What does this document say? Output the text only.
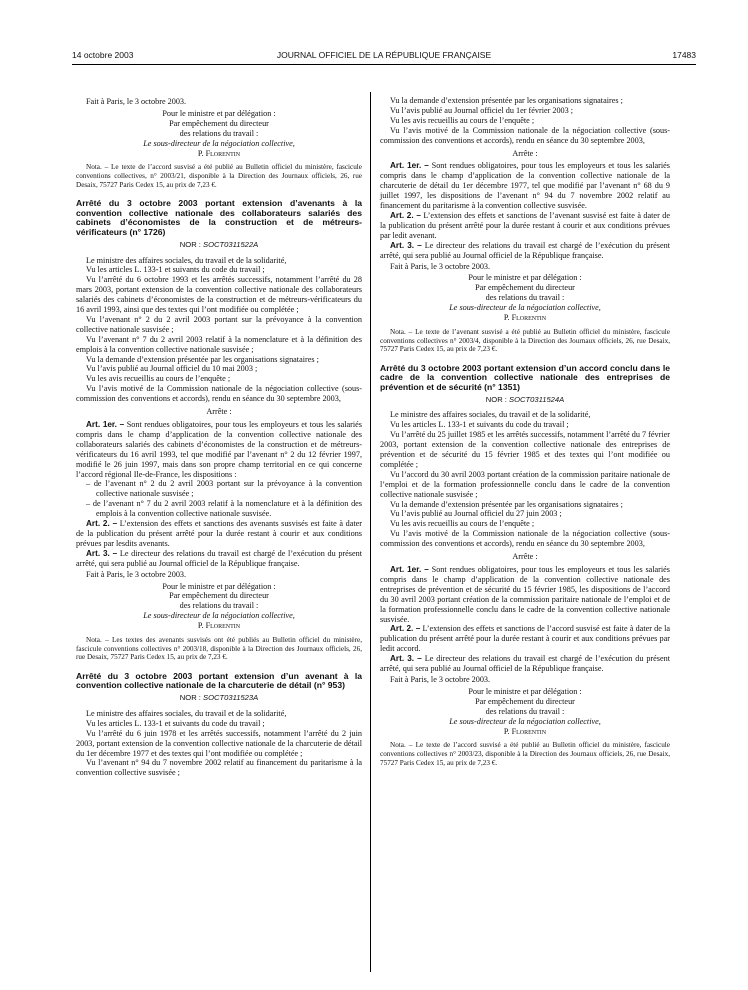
14 octobre 2003	JOURNAL OFFICIEL DE LA RÉPUBLIQUE FRANÇAISE	17483

Fait à Paris, le 3 octobre 2003.

Pour le ministre et par délégation :
Par empêchement du directeur
des relations du travail :
Le sous-directeur de la négociation collective,
P. Florentin

Nota. – Le texte de l’accord susvisé a été publié au Bulletin officiel du ministère, fascicule conventions collectives, n° 2003/21, disponible à la Direction des Journaux officiels, 26, rue Desaix, 75727 Paris Cedex 15, au prix de 7,23 €.

Arrêté du 3 octobre 2003 portant extension d’avenants à la convention collective nationale des collaborateurs salariés des cabinets d’économistes de la construction et de métreurs-vérificateurs (n° 1726)

NOR : SOCT0311522A

Le ministre des affaires sociales, du travail et de la solidarité,

Vu les articles L. 133-1 et suivants du code du travail ;

Vu l’arrêté du 6 octobre 1993 et les arrêtés successifs, notamment l’arrêté du 28 mars 2003, portant extension de la convention collective nationale des collaborateurs salariés des cabinets d’économistes de la construction et de métreurs-vérificateurs du 16 avril 1993, ainsi que des textes qui l’ont modifiée ou complétée ;

Vu l’avenant n° 2 du 2 avril 2003 portant sur la prévoyance à la convention collective nationale susvisée ;

Vu l’avenant n° 7 du 2 avril 2003 relatif à la nomenclature et à la définition des emplois à la convention collective nationale susvisée ;

Vu la demande d’extension présentée par les organisations signataires ;

Vu l’avis publié au Journal officiel du 10 mai 2003 ;

Vu les avis recueillis au cours de l’enquête ;

Vu l’avis motivé de la Commission nationale de la négociation collective (sous-commission des conventions et accords), rendu en séance du 30 septembre 2003,

Arrête :

Art. 1er. – Sont rendues obligatoires, pour tous les employeurs et tous les salariés compris dans le champ d’application de la convention collective nationale des collaborateurs salariés des cabinets d’économistes de la construction et de métreurs-vérificateurs du 16 avril 1993, tel que modifié par l’avenant n° 2 du 12 février 1997, modifié le 26 juin 1997, mais dans son propre champ territorial en ce qui concerne l’accord régional Ile-de-France, les dispositions :

– de l’avenant n° 2 du 2 avril 2003 portant sur la prévoyance à la convention collective nationale susvisée ;

– de l’avenant n° 7 du 2 avril 2003 relatif à la nomenclature et à la définition des emplois à la convention collective nationale susvisée.

Art. 2. – L’extension des effets et sanctions des avenants susvisés est faite à dater de la publication du présent arrêté pour la durée restant à courir et aux conditions prévues par lesdits avenants.

Art. 3. – Le directeur des relations du travail est chargé de l’exécution du présent arrêté, qui sera publié au Journal officiel de la République française.

Fait à Paris, le 3 octobre 2003.

Pour le ministre et par délégation :
Par empêchement du directeur
des relations du travail :
Le sous-directeur de la négociation collective,
P. Florentin

Nota. – Les textes des avenants susvisés ont été publiés au Bulletin officiel du ministère, fascicule conventions collectives n° 2003/18, disponible à la Direction des Journaux officiels, 26, rue Desaix, 75727 Paris Cedex 15, au prix de 7,23 €.

Arrêté du 3 octobre 2003 portant extension d’un avenant à la convention collective nationale de la charcuterie de détail (n° 953)

NOR : SOCT0311523A

Le ministre des affaires sociales, du travail et de la solidarité,

Vu les articles L. 133-1 et suivants du code du travail ;

Vu l’arrêté du 6 juin 1978 et les arrêtés successifs, notamment l’arrêté du 2 juin 2003, portant extension de la convention collective nationale de la charcuterie de détail du 1er décembre 1977 et des textes qui l’ont modifiée ou complétée ;

Vu l’avenant n° 94 du 7 novembre 2002 relatif au financement du paritarisme à la convention collective susvisée ;

Vu la demande d’extension présentée par les organisations signataires ;

Vu l’avis publié au Journal officiel du 1er février 2003 ;

Vu les avis recueillis au cours de l’enquête ;

Vu l’avis motivé de la Commission nationale de la négociation collective (sous-commission des conventions et accords), rendu en séance du 30 septembre 2003,

Arrête :

Art. 1er. – Sont rendues obligatoires, pour tous les employeurs et tous les salariés compris dans le champ d’application de la convention collective nationale de la charcuterie de détail du 1er décembre 1977, tel que modifié par l’avenant n° 68 du 9 juillet 1997, les dispositions de l’avenant n° 94 du 7 novembre 2002 relatif au financement du paritarisme à la convention collective susvisée.

Art. 2. – L’extension des effets et sanctions de l’avenant susvisé est faite à dater de la publication du présent arrêté pour la durée restant à courir et aux conditions prévues par ledit avenant.

Art. 3. – Le directeur des relations du travail est chargé de l’exécution du présent arrêté, qui sera publié au Journal officiel de la République française.

Fait à Paris, le 3 octobre 2003.

Pour le ministre et par délégation :
Par empêchement du directeur
des relations du travail :
Le sous-directeur de la négociation collective,
P. Florentin

Nota. – Le texte de l’avenant susvisé a été publié au Bulletin officiel du ministère, fascicule conventions collectives n° 2003/4, disponible à la Direction des Journaux officiels, 26, rue Desaix, 75727 Paris Cedex 15, au prix de 7,23 €.

Arrêté du 3 octobre 2003 portant extension d’un accord conclu dans le cadre de la convention collective nationale des entreprises de prévention et de sécurité (n° 1351)

NOR : SOCT0311524A

Le ministre des affaires sociales, du travail et de la solidarité,

Vu les articles L. 133-1 et suivants du code du travail ;

Vu l’arrêté du 25 juillet 1985 et les arrêtés successifs, notamment l’arrêté du 7 février 2003, portant extension de la convention collective nationale des entreprises de prévention et de sécurité du 15 février 1985 et des textes qui l’ont modifiée ou complétée ;

Vu l’accord du 30 avril 2003 portant création de la commission paritaire nationale de l’emploi et de la formation professionnelle conclu dans le cadre de la convention collective nationale susvisée ;

Vu la demande d’extension présentée par les organisations signataires ;

Vu l’avis publié au Journal officiel du 27 juin 2003 ;

Vu les avis recueillis au cours de l’enquête ;

Vu l’avis motivé de la Commission nationale de la négociation collective (sous-commission des conventions et accords), rendu en séance du 30 septembre 2003,

Arrête :

Art. 1er. – Sont rendues obligatoires, pour tous les employeurs et tous les salariés compris dans le champ d’application de la convention collective nationale des entreprises de prévention et de sécurité du 15 février 1985, les dispositions de l’accord du 30 avril 2003 portant création de la commission paritaire nationale de l’emploi et de la formation professionnelle conclu dans le cadre de la convention collective nationale susvisée.

Art. 2. – L’extension des effets et sanctions de l’accord susvisé est faite à dater de la publication du présent arrêté pour la durée restant à courir et aux conditions prévues par ledit accord.

Art. 3. – Le directeur des relations du travail est chargé de l’exécution du présent arrêté, qui sera publié au Journal officiel de la République française.

Fait à Paris, le 3 octobre 2003.

Pour le ministre et par délégation :
Par empêchement du directeur
des relations du travail :
Le sous-directeur de la négociation collective,
P. Florentin

Nota. – Le texte de l’accord susvisé a été publié au Bulletin officiel du ministère, fascicule conventions collectives n° 2003/23, disponible à la Direction des Journaux officiels, 26, rue Desaix, 75727 Paris Cedex 15, au prix de 7,23 €.
